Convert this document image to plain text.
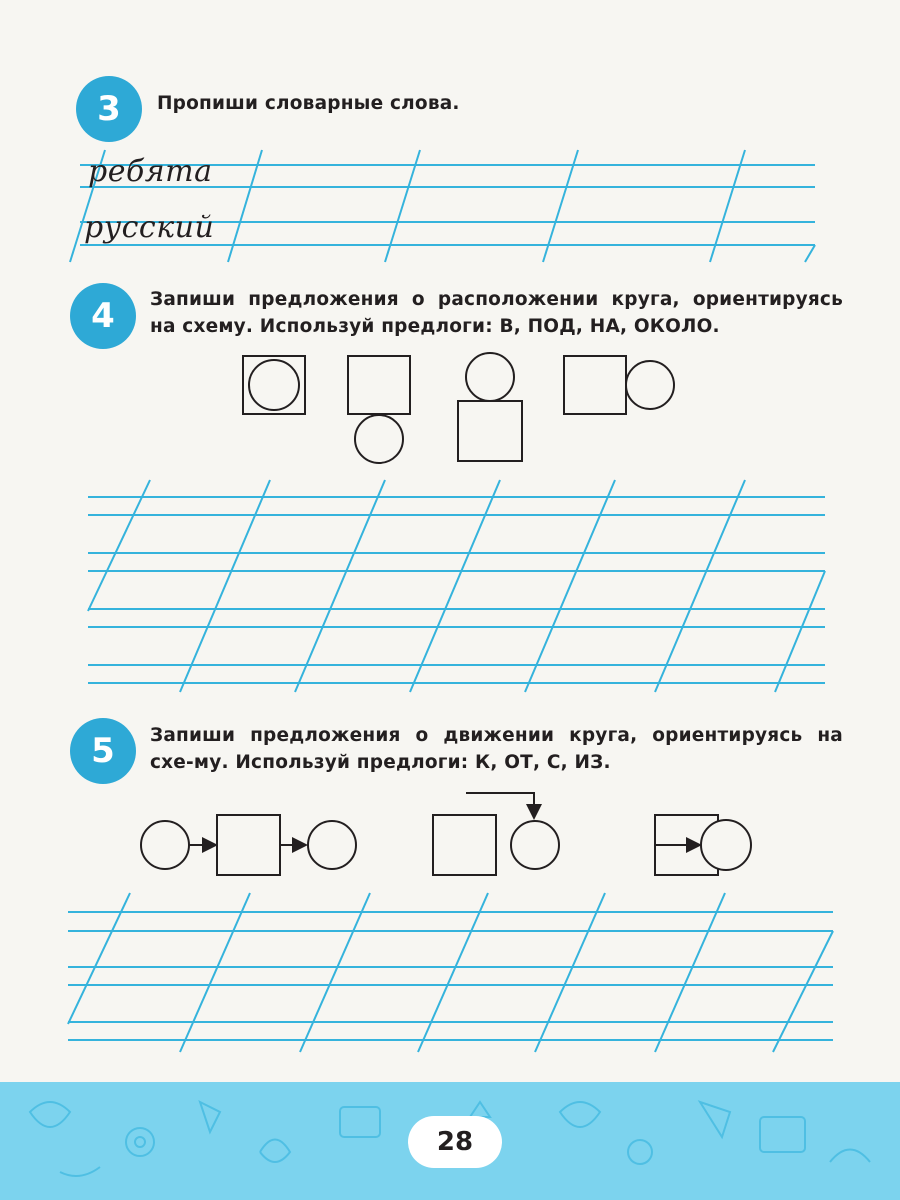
3	Пропиши словарные слова.
ребята
русский
4	Запиши предложения о расположении круга, ориентируясь на схему. Используй предлоги: В, ПОД, НА, ОКОЛО.
5	Запиши предложения о движении круга, ориентируясь на схе-му. Используй предлоги: К, ОТ, С, ИЗ.
28
